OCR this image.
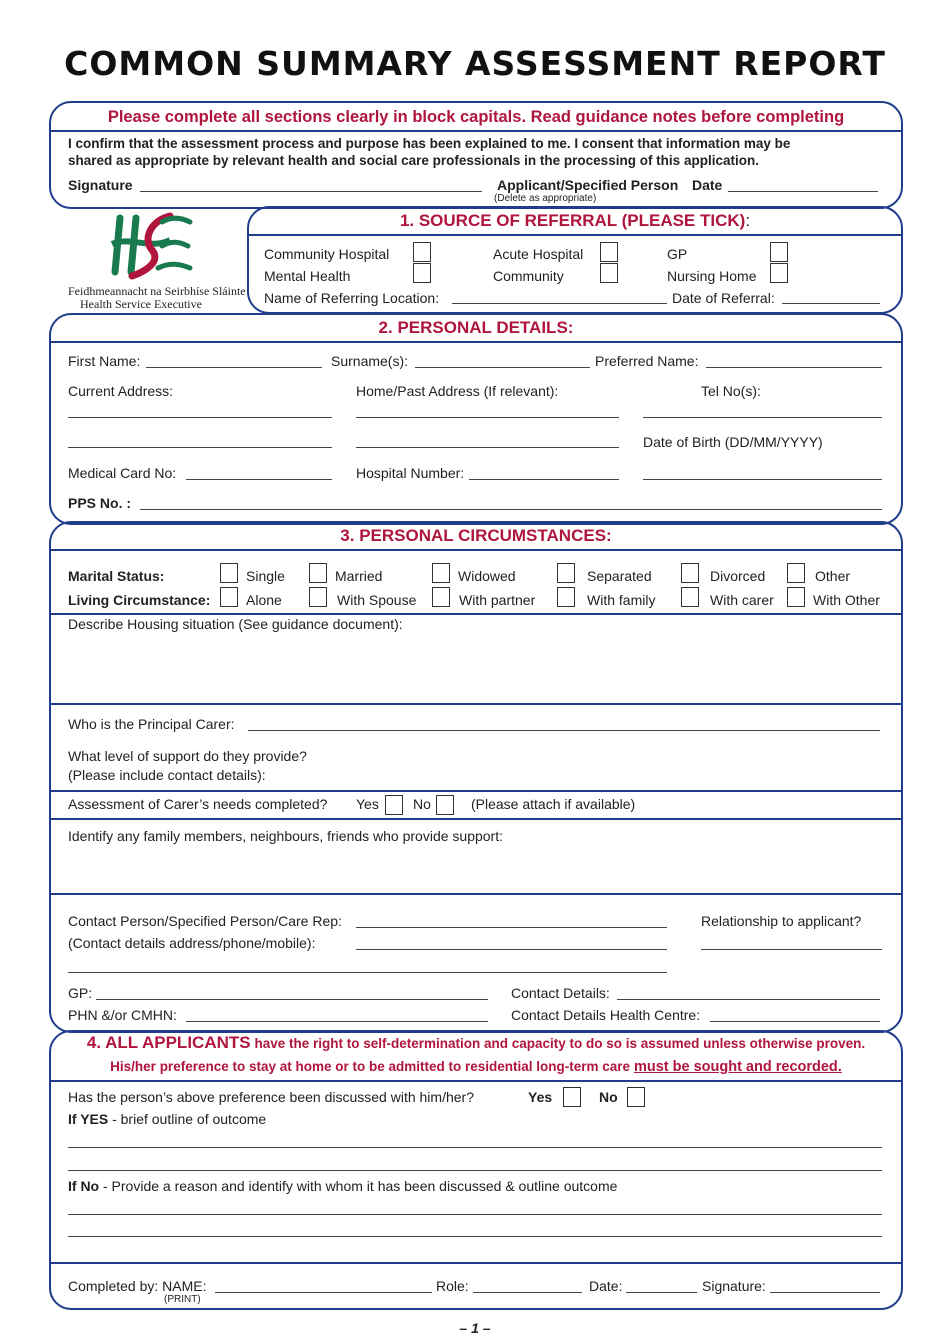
COMMON SUMMARY ASSESSMENT REPORT
Please complete all sections clearly in block capitals. Read guidance notes before completing
I confirm that the assessment process and purpose has been explained to me. I consent that information may be
shared as appropriate by relevant health and social care professionals in the processing of this application.
Signature	Applicant/Specified Person Date
(Delete as appropriate)
Feidhmeannacht na Seirbhíse Sláinte
Health Service Executive
1. SOURCE OF REFERRAL (PLEASE TICK):
Community Hospital	Acute Hospital	GP
Mental Health	Community	Nursing Home
Name of Referring Location:	Date of Referral:
2. PERSONAL DETAILS:
First Name:	Surname(s):	Preferred Name:
Current Address:	Home/Past Address (If relevant):	Tel No(s):
Date of Birth (DD/MM/YYYY)
Medical Card No:	Hospital Number:
PPS No. :
3. PERSONAL CIRCUMSTANCES:
Marital Status:	Single	Married	Widowed	Separated	Divorced	Other
Living Circumstance:	Alone	With Spouse	With partner	With family	With carer	With Other
Describe Housing situation (See guidance document):
Who is the Principal Carer:
What level of support do they provide?
(Please include contact details):
Assessment of Carer’s needs completed? Yes No	(Please attach if available)
Identify any family members, neighbours, friends who provide support:
Contact Person/Specified Person/Care Rep:	Relationship to applicant?
(Contact details address/phone/mobile):
GP:	Contact Details:
PHN &/or CMHN:	Contact Details Health Centre:
4. ALL APPLICANTS have the right to self-determination and capacity to do so is assumed unless otherwise proven.
His/her preference to stay at home or to be admitted to residential long-term care must be sought and recorded.
Has the person’s above preference been discussed with him/her?	Yes	No
If YES - brief outline of outcome
If No - Provide a reason and identify with whom it has been discussed & outline outcome
Completed by: NAME:
(PRINT)
Role:	Date:	Signature:
– 1 –
